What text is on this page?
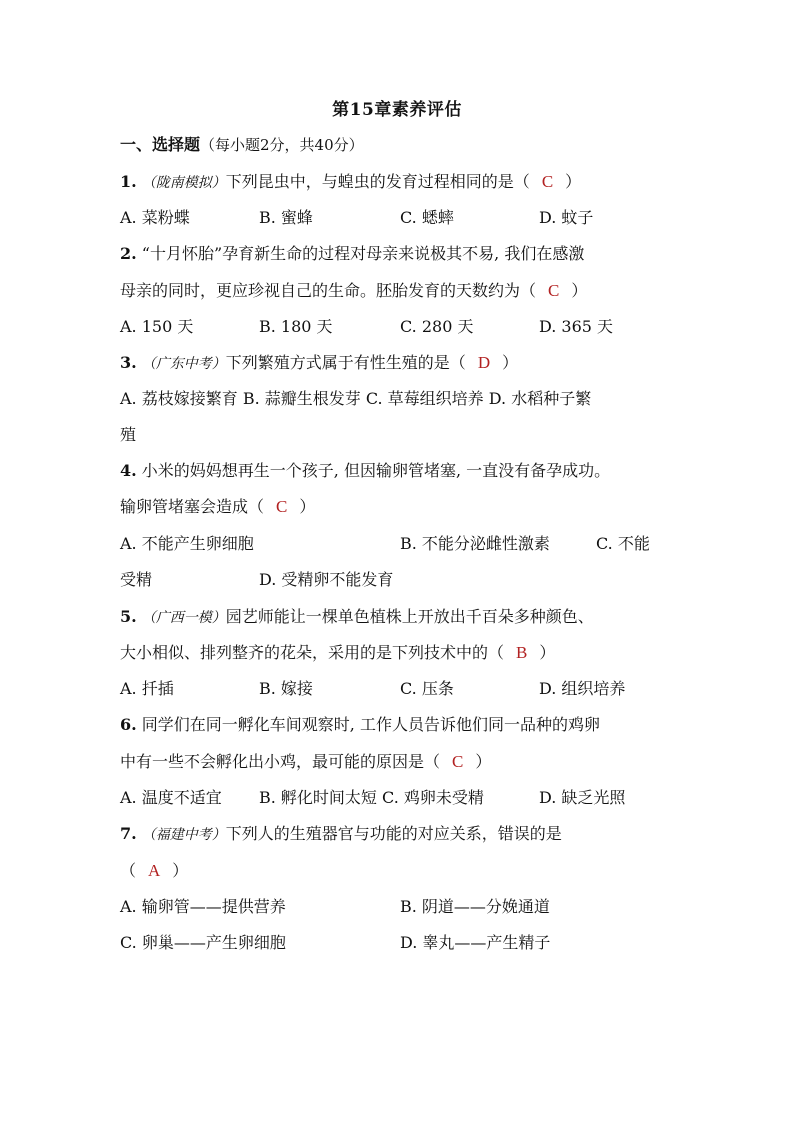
第15章素养评估
一、选择题（每小题2分，共40分）
1. （陇南模拟）下列昆虫中，与蝗虫的发育过程相同的是（ C ）
A. 菜粉蝶	B. 蜜蜂	C. 蟋蟀	D. 蚊子
2. “十月怀胎”孕育新生命的过程对母亲来说极其不易, 我们在感激
母亲的同时，更应珍视自己的生命。胚胎发育的天数约为（ C ）
A. 150 天	B. 180 天	C. 280 天	D. 365 天
3. （广东中考）下列繁殖方式属于有性生殖的是（ D ）
A. 荔枝嫁接繁育 B. 蒜瓣生根发芽 C. 草莓组织培养 D. 水稻种子繁
殖
4. 小米的妈妈想再生一个孩子, 但因输卵管堵塞, 一直没有备孕成功。
输卵管堵塞会造成（ C ）
A. 不能产生卵细胞	B. 不能分泌雌性激素	C. 不能
受精	D. 受精卵不能发育
5. （广西一模）园艺师能让一棵单色植株上开放出千百朵多种颜色、
大小相似、排列整齐的花朵，采用的是下列技术中的（ B ）
A. 扦插	B. 嫁接	C. 压条	D. 组织培养
6. 同学们在同一孵化车间观察时, 工作人员告诉他们同一品种的鸡卵
中有一些不会孵化出小鸡，最可能的原因是（ C ）
A. 温度不适宜 B. 孵化时间太短 C. 鸡卵未受精	D. 缺乏光照
7. （福建中考）下列人的生殖器官与功能的对应关系，错误的是
（ A ）
A. 输卵管——提供营养	B. 阴道——分娩通道
C. 卵巢——产生卵细胞	D. 睾丸——产生精子
